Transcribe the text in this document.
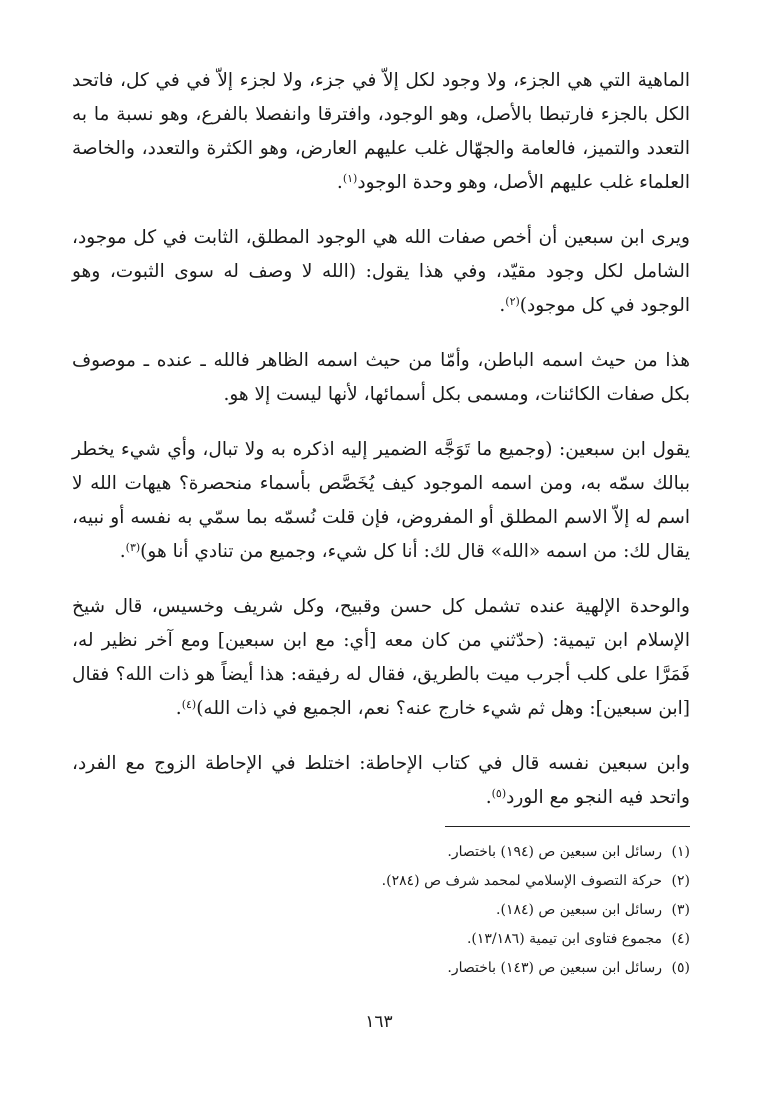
الماهية التي هي الجزء، ولا وجود لكل إلاّ في جزء، ولا لجزء إلاّ في في كل، فاتحد الكل بالجزء فارتبطا بالأصل، وهو الوجود، وافترقا وانفصلا بالفرع، وهو نسبة ما به التعدد والتميز، فالعامة والجهّال غلب عليهم العارض، وهو الكثرة والتعدد، والخاصة العلماء غلب عليهم الأصل، وهو وحدة الوجود$^{(١)}$.

ويرى ابن سبعين أن أخص صفات الله هي الوجود المطلق، الثابت في كل موجود، الشامل لكل وجود مقيّد، وفي هذا يقول: (الله لا وصف له سوى الثبوت، وهو الوجود في كل موجود)$^{(٢)}$.

هذا من حيث اسمه الباطن، وأمّا من حيث اسمه الظاهر فالله ـ عنده ـ موصوف بكل صفات الكائنات، ومسمى بكل أسمائها، لأنها ليست إلا هو.

يقول ابن سبعين: (وجميع ما تَوَجَّه الضمير إليه اذكره به ولا تبال، وأي شيء يخطر ببالك سمّه به، ومن اسمه الموجود كيف يُخَصَّص بأسماء منحصرة؟ هيهات الله لا اسم له إلاّ الاسم المطلق أو المفروض، فإن قلت نُسمّه بما سمّي به نفسه أو نبيه، يقال لك: من اسمه «الله» قال لك: أنا كل شيء، وجميع من تنادي أنا هو)$^{(٣)}$.

والوحدة الإلهية عنده تشمل كل حسن وقبيح، وكل شريف وخسيس، قال شيخ الإسلام ابن تيمية: (حدّثني من كان معه [أي: مع ابن سبعين] ومع آخر نظير له، فَمَرَّا على كلب أجرب ميت بالطريق، فقال له رفيقه: هذا أيضاً هو ذات الله؟ فقال [ابن سبعين]: وهل ثم شيء خارج عنه؟ نعم، الجميع في ذات الله)$^{(٤)}$.

وابن سبعين نفسه قال في كتاب الإحاطة: اختلط في الإحاطة الزوج مع الفرد، واتحد فيه النجو مع الورد$^{(٥)}$.

(١)رسائل ابن سبعين ص (١٩٤) باختصار.
(٢)حركة التصوف الإسلامي لمحمد شرف ص (٢٨٤).
(٣)رسائل ابن سبعين ص (١٨٤).
(٤)مجموع فتاوى ابن تيمية (١٣/١٨٦).
(٥)رسائل ابن سبعين ص (١٤٣) باختصار.
١٦٣
